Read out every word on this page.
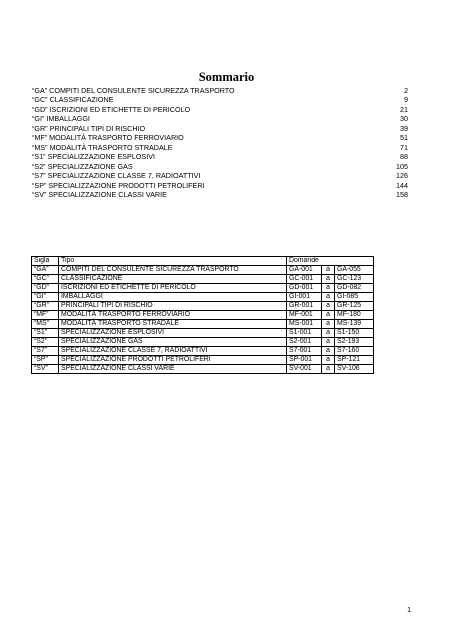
Sommario
“GA” COMPITI DEL CONSULENTE SICUREZZA TRASPORTO	2
“GC” CLASSIFICAZIONE	9
“GD” ISCRIZIONI ED ETICHETTE DI PERICOLO	21
“GI” IMBALLAGGI	30
“GR” PRINCIPALI TIPI DI RISCHIO	39
“MF” MODALITÀ TRASPORTO FERROVIARIO	51
“MS” MODALITÀ TRASPORTO STRADALE	71
“S1” SPECIALIZZAZIONE ESPLOSIVI	88
“S2” SPECIALIZZAZIONE GAS	105
“S7” SPECIALIZZAZIONE CLASSE 7, RADIOATTIVI	126
“SP” SPECIALIZZAZIONE PRODOTTI PETROLIFERI	144
“SV” SPECIALIZZAZIONE CLASSI VARIE	158
Sigla	Tipo	Domande		
“GA”	COMPITI DEL CONSULENTE SICUREZZA TRASPORTO	GA-001	a	GA-055
“GC”	CLASSIFICAZIONE	GC-001	a	GC-123
“GD”	ISCRIZIONI ED ETICHETTE DI PERICOLO	GD-001	a	GD-082
“GI”	IMBALLAGGI	GI-001	a	GI-085
“GR”	PRINCIPALI TIPI DI RISCHIO	GR-001	a	GR-125
“MF”	MODALITÀ TRASPORTO FERROVIARIO	MF-001	a	MF-180
“MS”	MODALITÀ TRASPORTO STRADALE	MS-001	a	MS-139
“S1”	SPECIALIZZAZIONE ESPLOSIVI	S1-001	a	S1-150
“S2”	SPECIALIZZAZIONE GAS	S2-001	a	S2-193
“S7”	SPECIALIZZAZIONE CLASSE 7, RADIOATTIVI	S7-001	a	S7-160
“SP”	SPECIALIZZAZIONE PRODOTTI PETROLIFERI	SP-001	a	SP-121
“SV”	SPECIALIZZAZIONE CLASSI VARIE	SV-001	a	SV-106
1
